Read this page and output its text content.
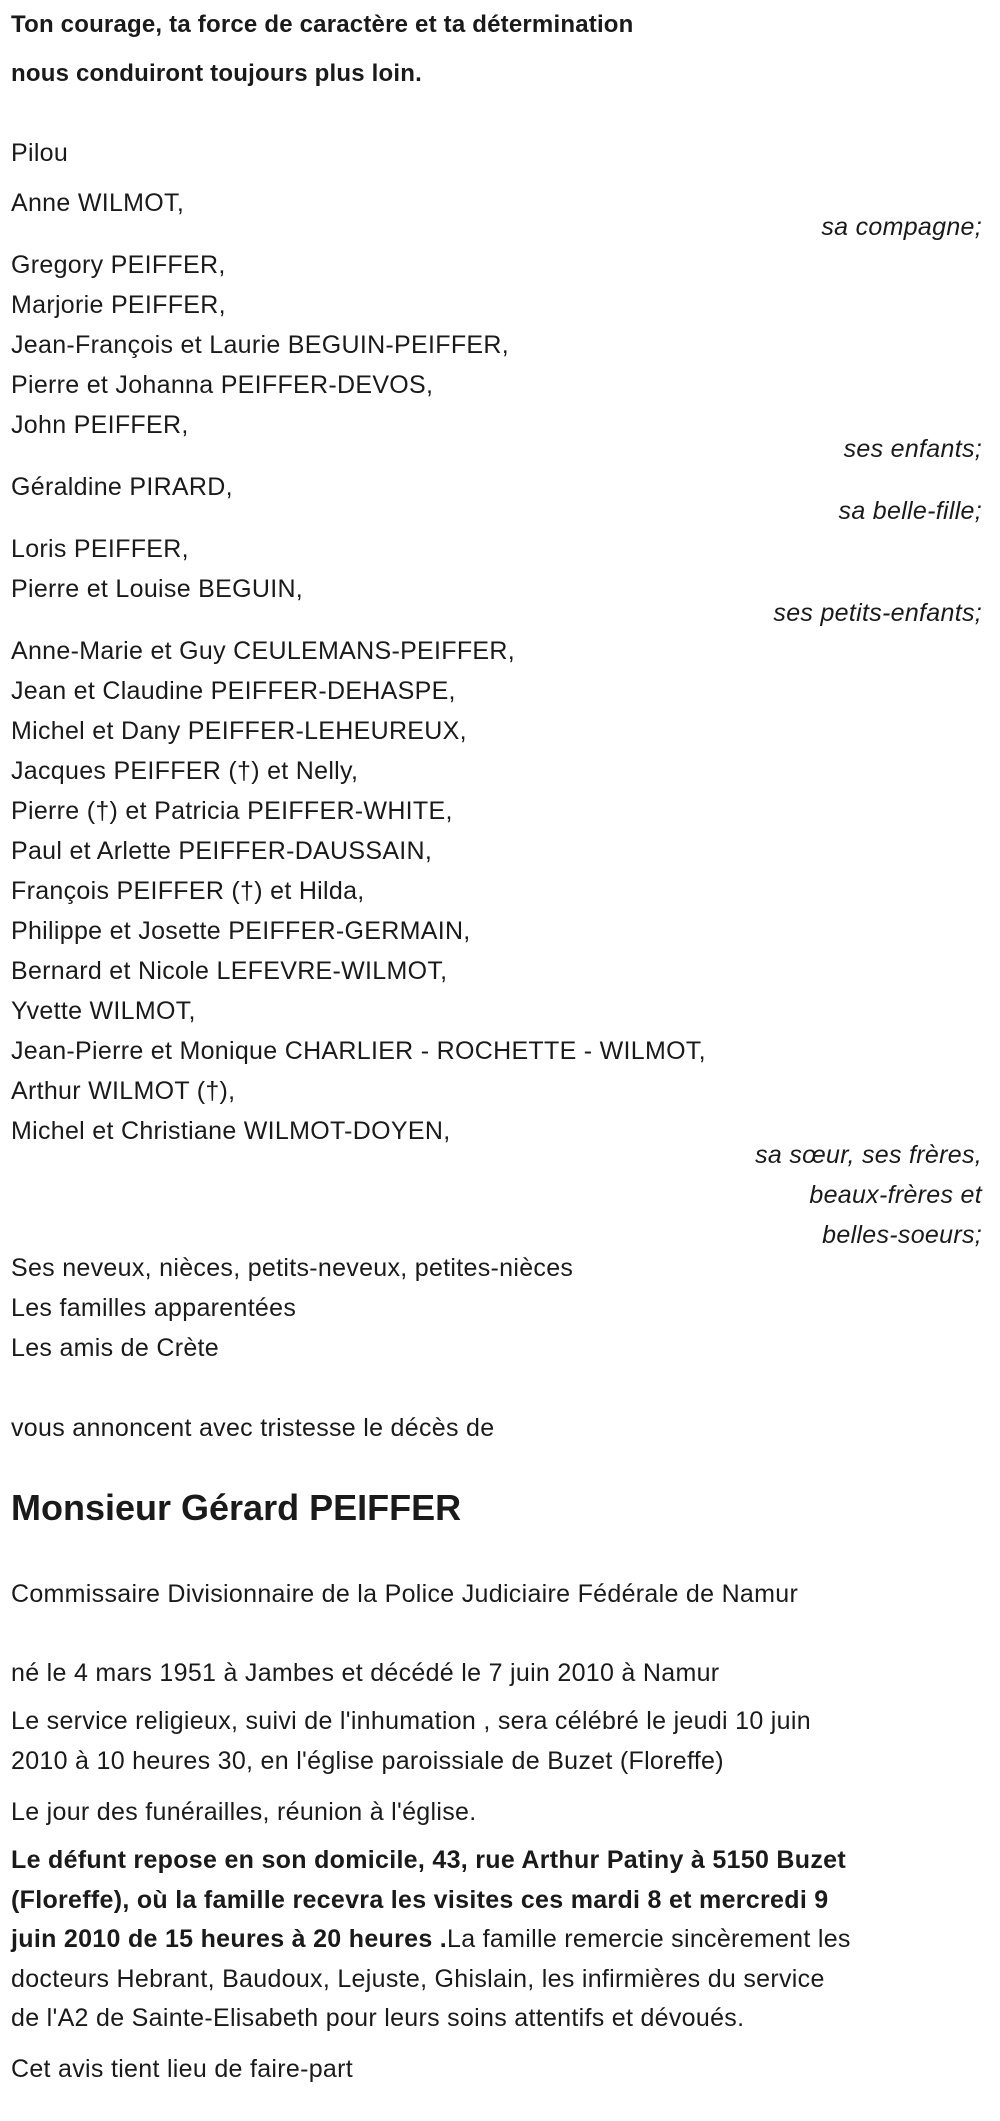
Ton courage, ta force de caractère et ta détermination
nous conduiront toujours plus loin.
Pilou
Anne WILMOT,
sa compagne;
Gregory PEIFFER,
Marjorie PEIFFER,
Jean-François et Laurie BEGUIN-PEIFFER,
Pierre et Johanna PEIFFER-DEVOS,
John PEIFFER,
ses enfants;
Géraldine PIRARD,
sa belle-fille;
Loris PEIFFER,
Pierre et Louise BEGUIN,
ses petits-enfants;
Anne-Marie et Guy CEULEMANS-PEIFFER,
Jean et Claudine PEIFFER-DEHASPE,
Michel et Dany PEIFFER-LEHEUREUX,
Jacques PEIFFER (†) et Nelly,
Pierre (†) et Patricia PEIFFER-WHITE,
Paul et Arlette PEIFFER-DAUSSAIN,
François PEIFFER (†) et Hilda,
Philippe et Josette PEIFFER-GERMAIN,
Bernard et Nicole LEFEVRE-WILMOT,
Yvette WILMOT,
Jean-Pierre et Monique CHARLIER - ROCHETTE - WILMOT,
Arthur WILMOT (†),
Michel et Christiane WILMOT-DOYEN,
sa sœur, ses frères,
beaux-frères et
belles-soeurs;
Ses neveux, nièces, petits-neveux, petites-nièces
Les familles apparentées
Les amis de Crète
vous annoncent avec tristesse le décès de
Monsieur Gérard PEIFFER
Commissaire Divisionnaire de la Police Judiciaire Fédérale de Namur
né le 4 mars 1951 à Jambes et décédé le 7 juin 2010 à Namur
Le service religieux, suivi de l'inhumation , sera célébré le jeudi 10 juin
2010 à 10 heures 30, en l'église paroissiale de Buzet (Floreffe)
Le jour des funérailles, réunion à l'église.
Le défunt repose en son domicile, 43, rue Arthur Patiny à 5150 Buzet
(Floreffe), où la famille recevra les visites ces mardi 8 et mercredi 9
juin 2010 de 15 heures à 20 heures .La famille remercie sincèrement les
docteurs Hebrant, Baudoux, Lejuste, Ghislain, les infirmières du service
de l'A2 de Sainte-Elisabeth pour leurs soins attentifs et dévoués.
Cet avis tient lieu de faire-part
